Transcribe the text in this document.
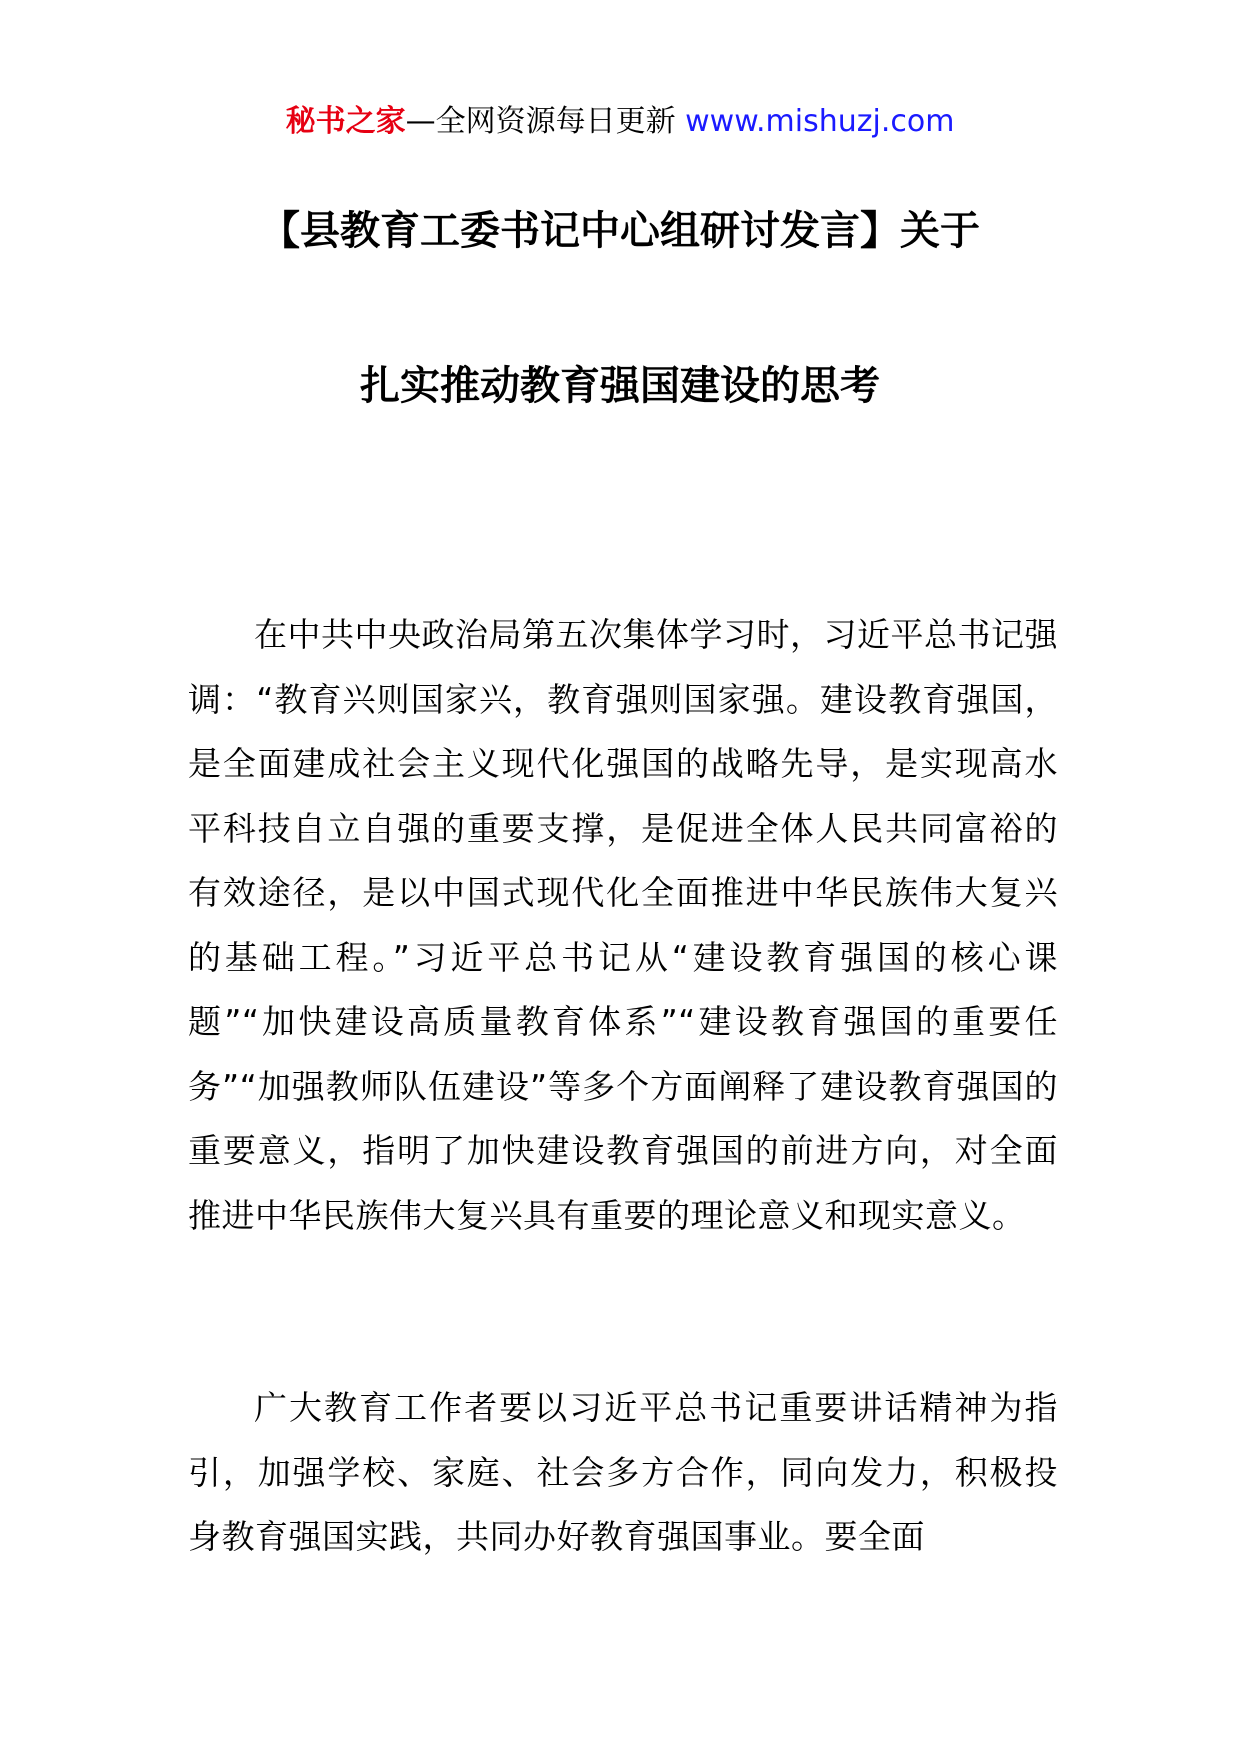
秘书之家—全网资源每日更新 www.mishuzj.com
【县教育工委书记中心组研讨发言】关于
扎实推动教育强国建设的思考

在中共中央政治局第五次集体学习时，习近平总书记强调：“教育兴则国家兴，教育强则国家强。建设教育强国，是全面建成社会主义现代化强国的战略先导，是实现高水平科技自立自强的重要支撑，是促进全体人民共同富裕的有效途径，是以中国式现代化全面推进中华民族伟大复兴的基础工程。”习近平总书记从“建设教育强国的核心课题”“加快建设高质量教育体系”“建设教育强国的重要任务”“加强教师队伍建设”等多个方面阐释了建设教育强国的重要意义，指明了加快建设教育强国的前进方向，对全面推进中华民族伟大复兴具有重要的理论意义和现实意义。

广大教育工作者要以习近平总书记重要讲话精神为指引，加强学校、家庭、社会多方合作，同向发力，积极投身教育强国实践，共同办好教育强国事业。要全面
